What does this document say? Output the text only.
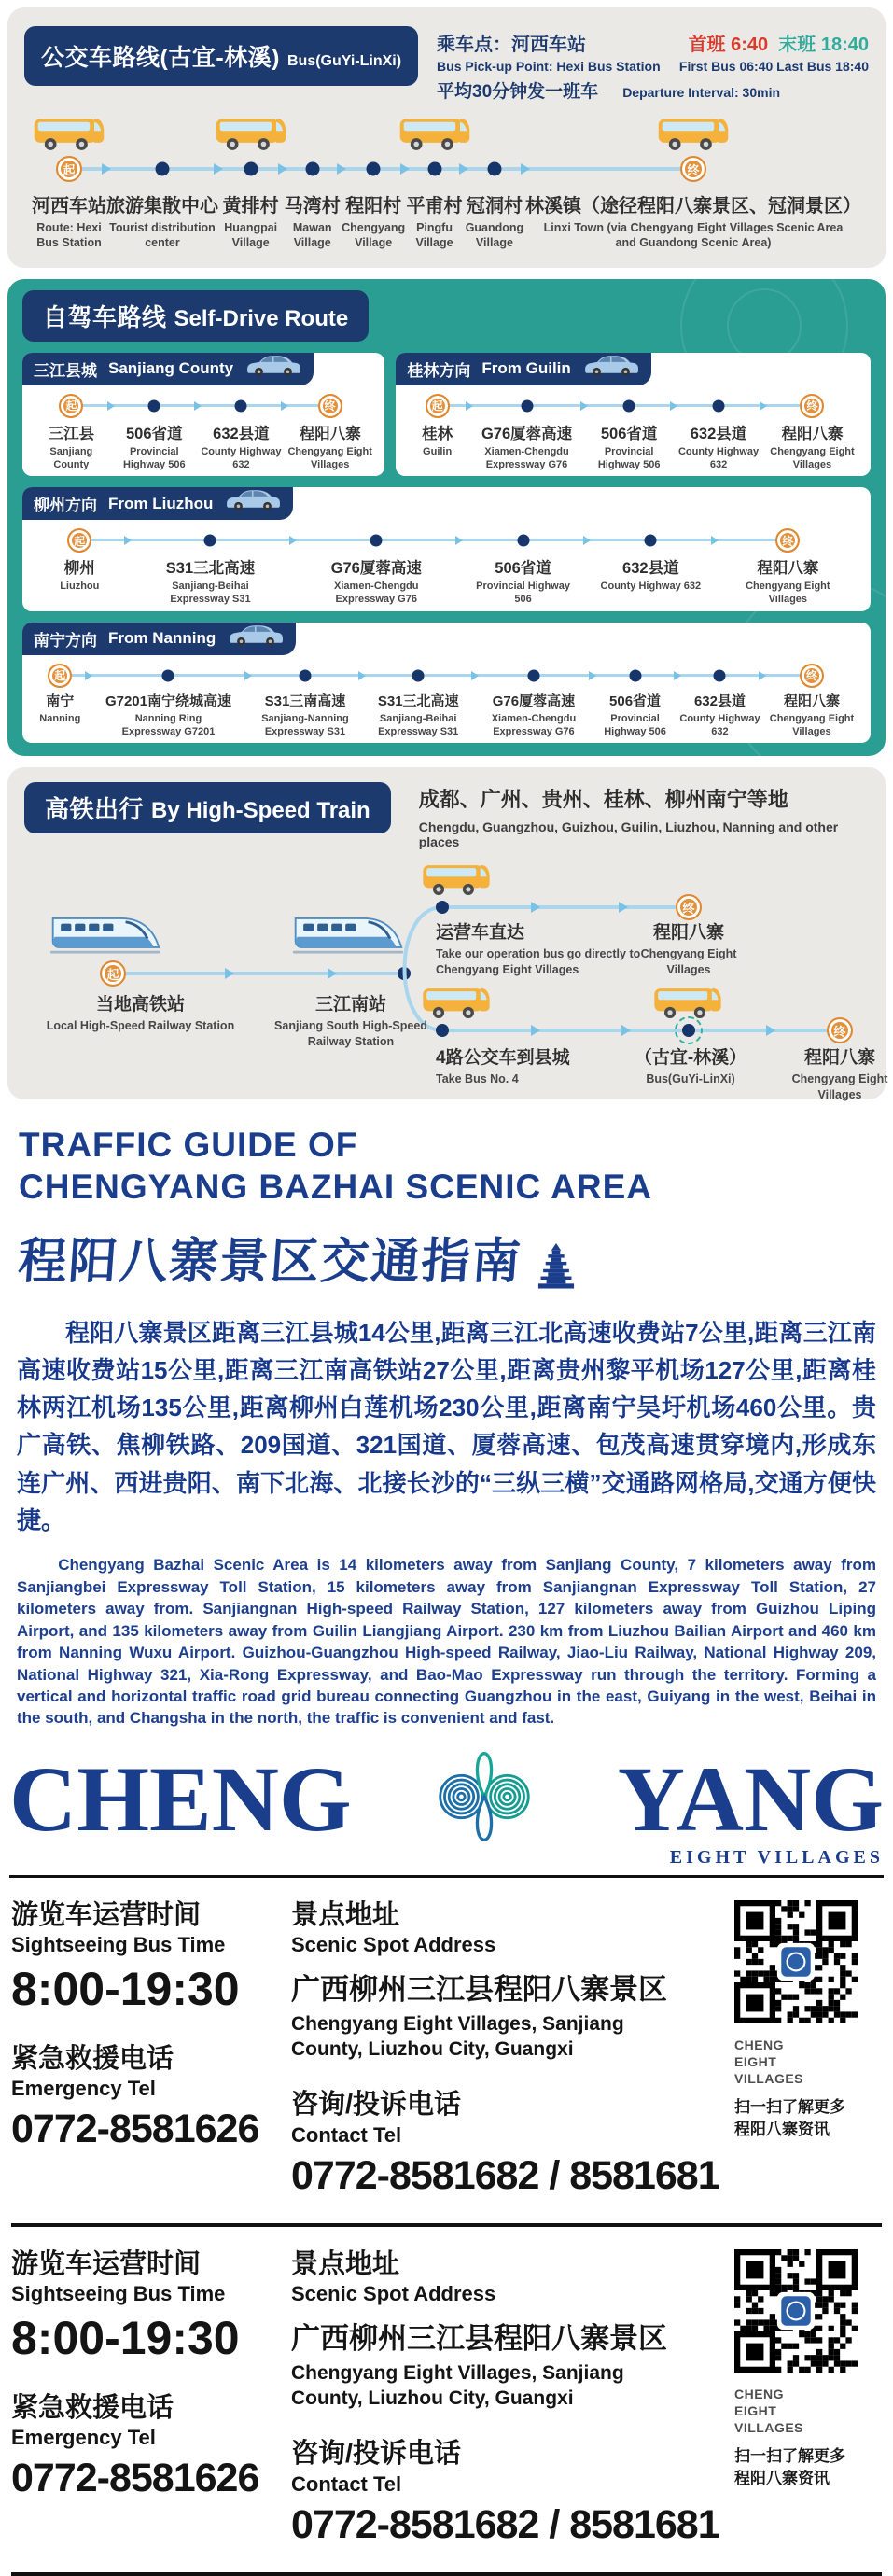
公交车路线(古宜-林溪) Bus(GuYi-LinXi)
乘车点：河西车站	首班 6:40 末班 18:40
Bus Pick-up Point: Hexi Bus Station First Bus 06:40 Last Bus 18:40
平均30分钟发一班车 Departure Interval: 30min
起
河西车站
Route: Hexi Bus Station
旅游集散中心
Tourist distribution center
黄排村
Huangpai Village
马湾村
Mawan Village
程阳村
Chengyang Village
平甫村
Pingfu Village
冠洞村
Guandong Village
终
林溪镇（途径程阳八寨景区、冠洞景区）
Linxi Town (via Chengyang Eight Villages Scenic Area and Guandong Scenic Area)
自驾车路线 Self-Drive Route
三江县城 Sanjiang County
起
三江县
Sanjiang County
506省道
Provincial Highway 506
632县道
County Highway 632
终
程阳八寨
Chengyang Eight Villages
桂林方向 From Guilin
起
桂林
Guilin
G76厦蓉高速
Xiamen-Chengdu Expressway G76
506省道
Provincial Highway 506
632县道
County Highway 632
终
程阳八寨
Chengyang Eight Villages
柳州方向 From Liuzhou
起
柳州
Liuzhou
S31三北高速
Sanjiang-Beihai Expressway S31
G76厦蓉高速
Xiamen-Chengdu Expressway G76
506省道
Provincial Highway 506
632县道
County Highway 632
终
程阳八寨
Chengyang Eight Villages
南宁方向 From Nanning
起
南宁
Nanning
G7201南宁绕城高速
Nanning Ring Expressway G7201
S31三南高速
Sanjiang-Nanning Expressway S31
S31三北高速
Sanjiang-Beihai Expressway S31
G76厦蓉高速
Xiamen-Chengdu Expressway G76
506省道
Provincial Highway 506
632县道
County Highway 632
终
程阳八寨
Chengyang Eight Villages
高铁出行 By High-Speed Train 成都、广州、贵州、桂林、柳州南宁等地
Chengdu, Guangzhou, Guizhou, Guilin, Liuzhou, Nanning and other places
起
当地高铁站
Local High-Speed Railway Station
三江南站
Sanjiang South High-Speed Railway Station
终
运营车直达
Take our operation bus go directly to Chengyang Eight Villages
程阳八寨
Chengyang Eight Villages
终
4路公交车到县城
Take Bus No. 4
（古宜-林溪）
Bus(GuYi-LinXi)
程阳八寨
Chengyang Eight Villages
TRAFFIC GUIDE OF
CHENGYANG BAZHAI SCENIC AREA
程阳八寨景区交通指南

程阳八寨景区距离三江县城14公里,距离三江北高速收费站7公里,距离三江南高速收费站15公里,距离三江南高铁站27公里,距离贵州黎平机场127公里,距离桂林两江机场135公里,距离柳州白莲机场230公里,距离南宁吴圩机场460公里。贵广高铁、焦柳铁路、209国道、321国道、厦蓉高速、包茂高速贯穿境内,形成东连广州、西进贵阳、南下北海、北接长沙的“三纵三横”交通路网格局,交通方便快捷。

Chengyang Bazhai Scenic Area is 14 kilometers away from Sanjiang County, 7 kilometers away from Sanjiangbei Expressway Toll Station, 15 kilometers away from Sanjiangnan Expressway Toll Station, 27 kilometers away from. Sanjiangnan High-speed Railway Station, 127 kilometers away from Guizhou Liping Airport, and 135 kilometers away from Guilin Liangjiang Airport. 230 km from Liuzhou Bailian Airport and 460 km from Nanning Wuxu Airport. Guizhou-Guangzhou High-speed Railway, Jiao-Liu Railway, National Highway 209, National Highway 321, Xia-Rong Expressway, and Bao-Mao Expressway run through the territory. Forming a vertical and horizontal traffic road grid bureau connecting Guangzhou in the east, Guiyang in the west, Beihai in the south, and Changsha in the north, the traffic is convenient and fast.

CHENG	YANG
EIGHT VILLAGES
游览车运营时间
Sightseeing Bus Time
8:00-19:30
紧急救援电话
Emergency Tel
0772-8581626
景点地址
Scenic Spot Address
广西柳州三江县程阳八寨景区
Chengyang Eight Villages, Sanjiang County, Liuzhou City, Guangxi
咨询/投诉电话
Contact Tel
0772-8581682 / 8581681
CHENG
EIGHT
VILLAGES
扫一扫了解更多
程阳八寨资讯
游览车运营时间
Sightseeing Bus Time
8:00-19:30
紧急救援电话
Emergency Tel
0772-8581626
景点地址
Scenic Spot Address
广西柳州三江县程阳八寨景区
Chengyang Eight Villages, Sanjiang County, Liuzhou City, Guangxi
咨询/投诉电话
Contact Tel
0772-8581682 / 8581681
CHENG
EIGHT
VILLAGES
扫一扫了解更多
程阳八寨资讯
